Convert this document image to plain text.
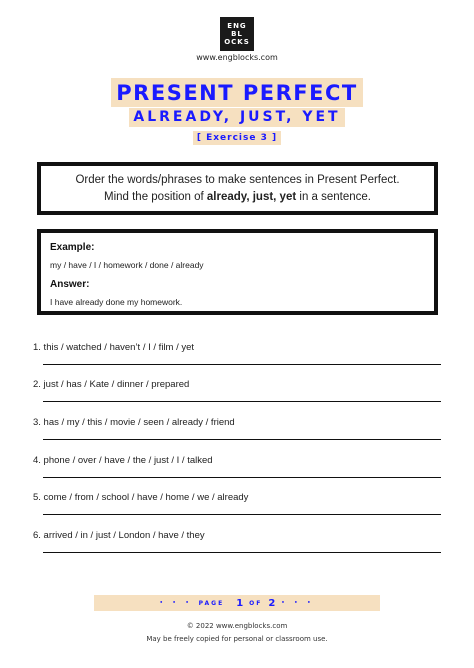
ENG
BL
OCKS
www.engblocks.com
PRESENT PERFECT
ALREADY, JUST, YET
[ Exercise 3 ]
Order the words/phrases to make sentences in Present Perfect.
Mind the position of already, just, yet in a sentence.
Example:
my / have / I / homework / done / already
Answer:
I have already done my homework.
1. this / watched / haven’t / I / film / yet
2. just / has / Kate / dinner / prepared
3. has / my / this / movie / seen / already / friend
4. phone / over / have / the / just / I / talked
5. come / from / school / have / home / we / already
6. arrived / in / just / London / have / they
• • • PAGE 1 OF 2 • • •
© 2022 www.engblocks.com
May be freely copied for personal or classroom use.
